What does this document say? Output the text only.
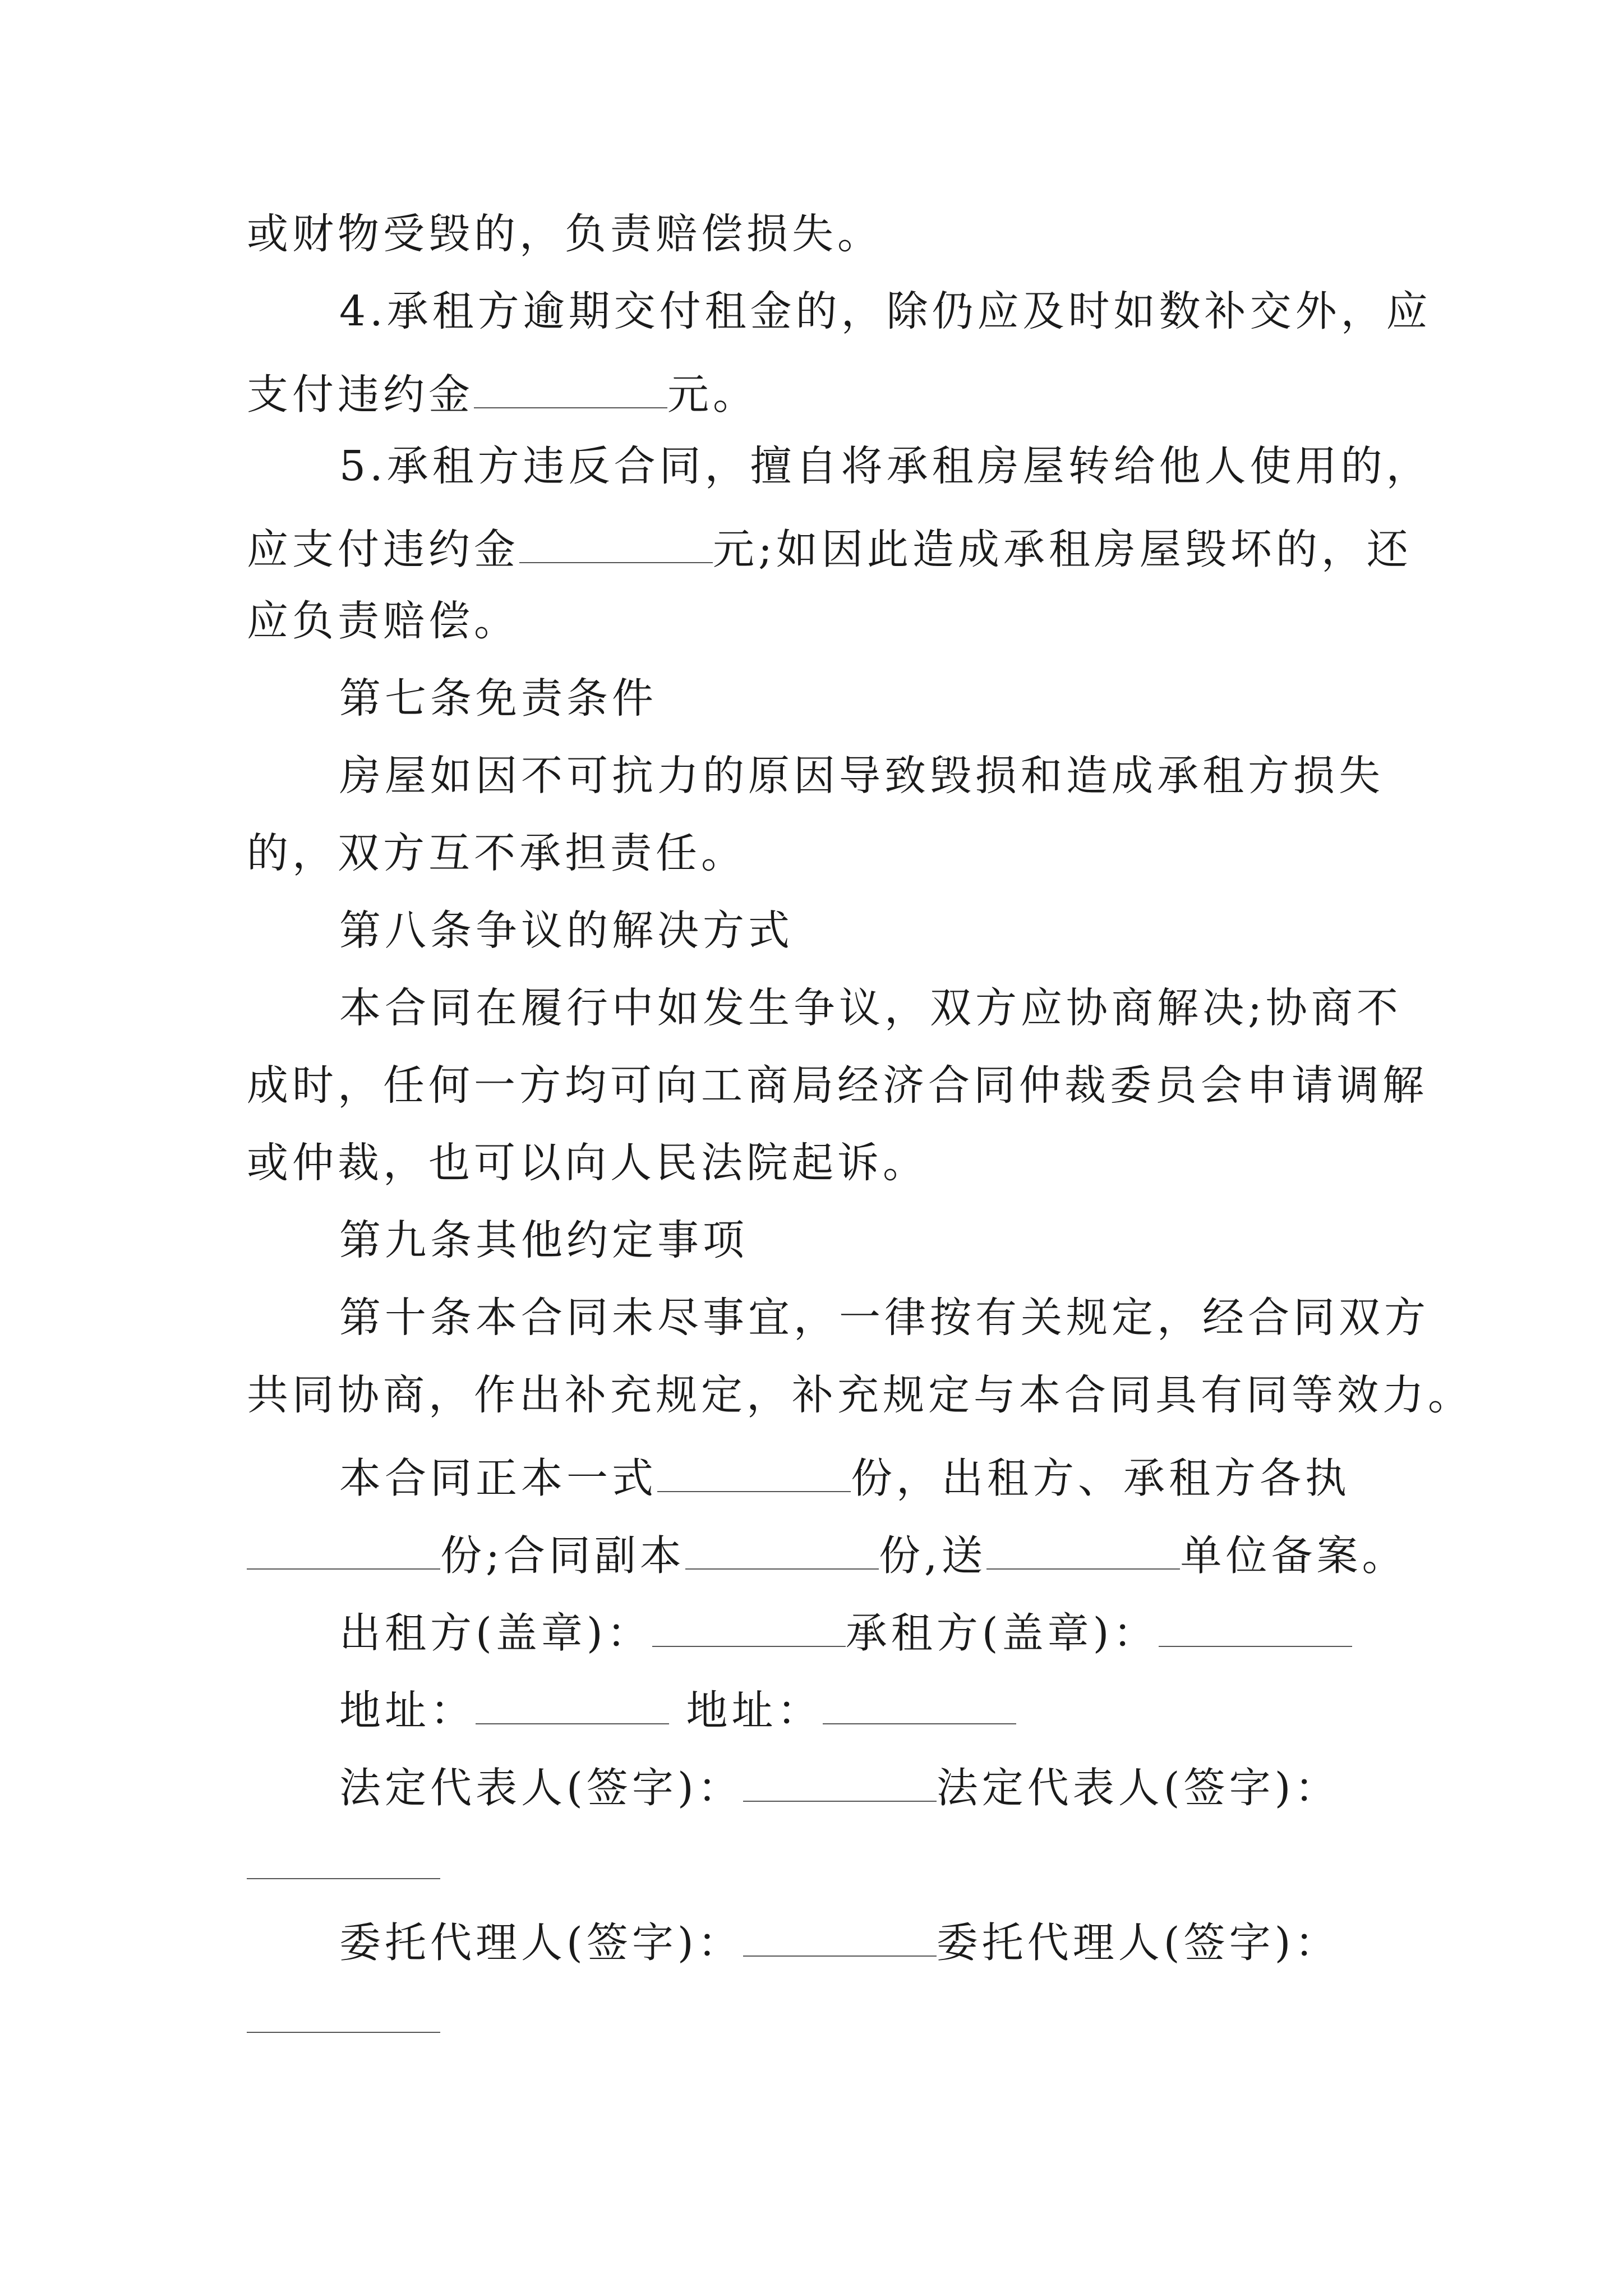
或财物受毁的，负责赔偿损失。
4.承租方逾期交付租金的，除仍应及时如数补交外，应
支付违约金	元。
5.承租方违反合同，擅自将承租房屋转给他人使用的，
应支付违约金	元;如因此造成承租房屋毁坏的，还
应负责赔偿。
第七条免责条件
房屋如因不可抗力的原因导致毁损和造成承租方损失
的，双方互不承担责任。
第八条争议的解决方式
本合同在履行中如发生争议，双方应协商解决;协商不
成时，任何一方均可向工商局经济合同仲裁委员会申请调解
或仲裁，也可以向人民法院起诉。
第九条其他约定事项
第十条本合同未尽事宜，一律按有关规定，经合同双方
共同协商，作出补充规定，补充规定与本合同具有同等效力。
本合同正本一式	份，出租方、承租方各执
份;合同副本	份,送	单位备案。
出租方(盖章)：	承租方(盖章)：
地址：	地址：
法定代表人(签字)：	法定代表人(签字)：
委托代理人(签字)：	委托代理人(签字)：
